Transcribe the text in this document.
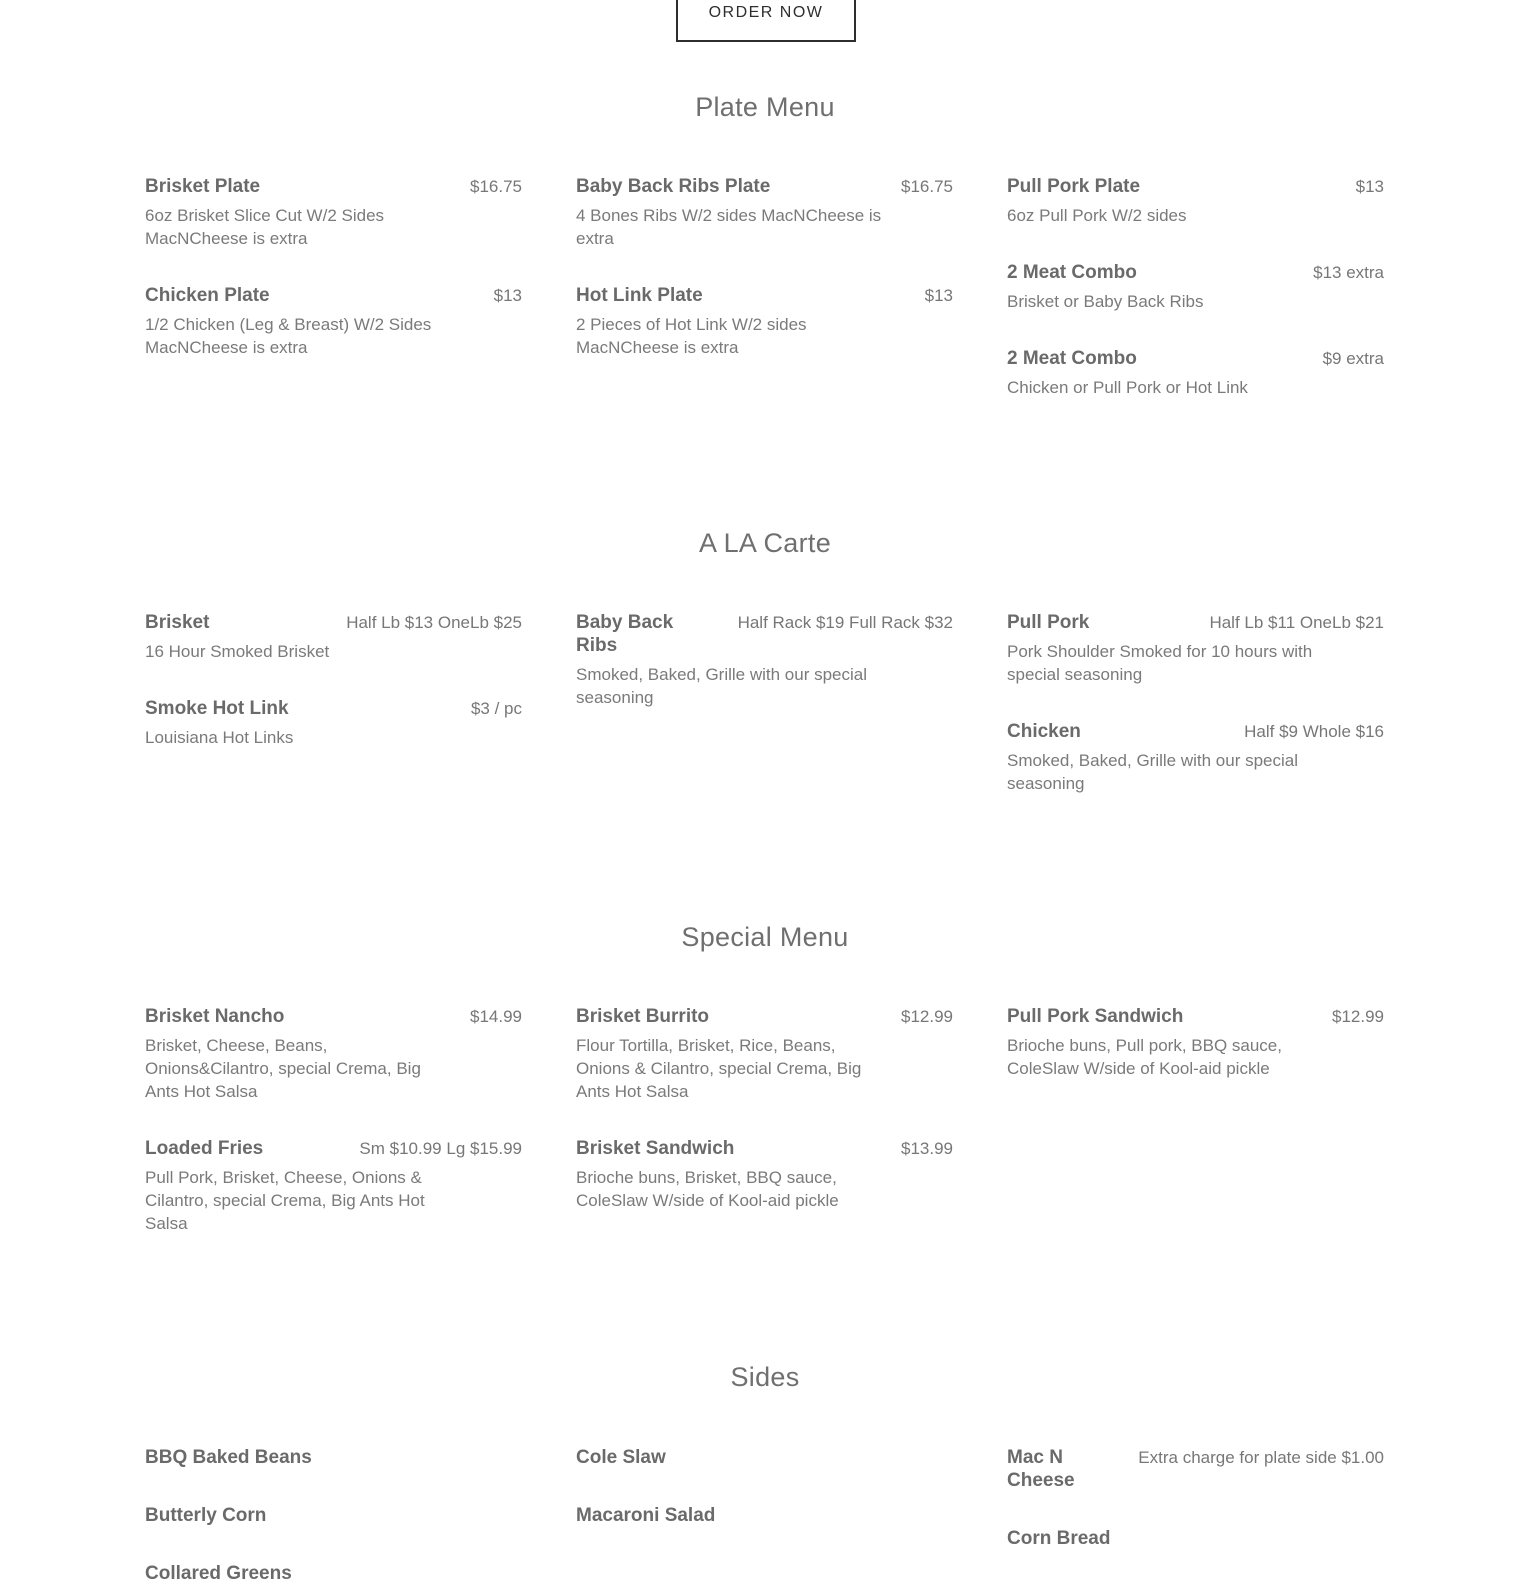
ORDER NOW
Plate Menu
Brisket Plate	$16.75
6oz Brisket Slice Cut W/2 Sides MacNCheese is extra
Chicken Plate	$13
1/2 Chicken (Leg & Breast) W/2 Sides MacNCheese is extra
Baby Back Ribs Plate	$16.75
4 Bones Ribs W/2 sides MacNCheese is extra
Hot Link Plate	$13
2 Pieces of Hot Link W/2 sides MacNCheese is extra
Pull Pork Plate	$13
6oz Pull Pork W/2 sides
2 Meat Combo	$13 extra
Brisket or Baby Back Ribs
2 Meat Combo	$9 extra
Chicken or Pull Pork or Hot Link
A LA Carte
Brisket	Half Lb $13 OneLb $25
16 Hour Smoked Brisket
Smoke Hot Link	$3 / pc
Louisiana Hot Links
Baby Back Ribs
Half Rack $19 Full Rack $32
Smoked, Baked, Grille with our special seasoning
Pull Pork	Half Lb $11 OneLb $21
Pork Shoulder Smoked for 10 hours with special seasoning
Chicken	Half $9 Whole $16
Smoked, Baked, Grille with our special seasoning
Special Menu
Brisket Nancho	$14.99
Brisket, Cheese, Beans, Onions&Cilantro, special Crema, Big Ants Hot Salsa
Loaded Fries	Sm $10.99 Lg $15.99
Pull Pork, Brisket, Cheese, Onions & Cilantro, special Crema, Big Ants Hot Salsa
Brisket Burrito	$12.99
Flour Tortilla, Brisket, Rice, Beans, Onions & Cilantro, special Crema, Big Ants Hot Salsa
Brisket Sandwich	$13.99
Brioche buns, Brisket, BBQ sauce, ColeSlaw W/side of Kool-aid pickle
Pull Pork Sandwich	$12.99
Brioche buns, Pull pork, BBQ sauce, ColeSlaw W/side of Kool-aid pickle
Sides
BBQ Baked Beans
Butterly Corn
Collared Greens
Cole Slaw
Macaroni Salad
Mac N Cheese
Extra charge for plate side $1.00
Corn Bread
